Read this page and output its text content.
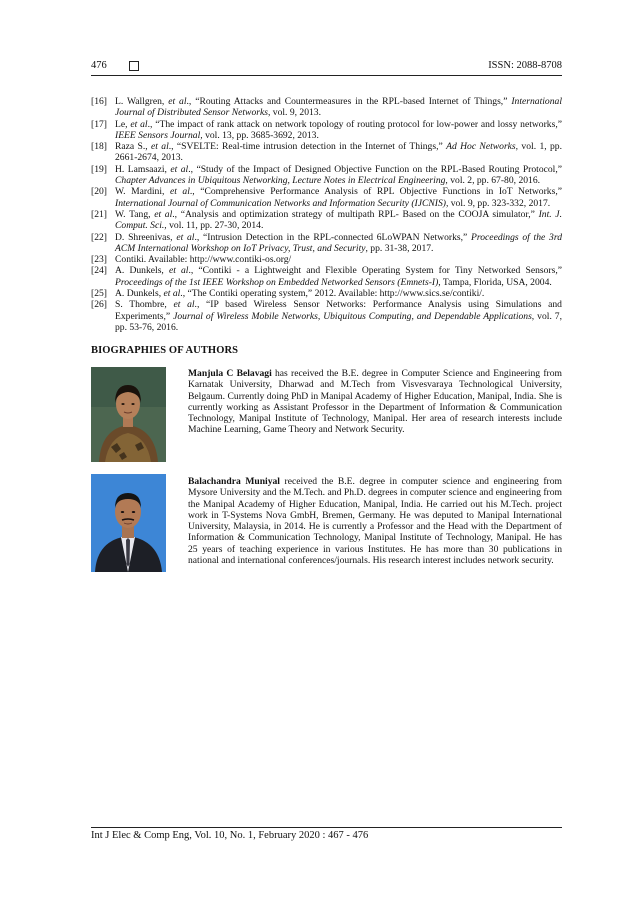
476	ISSN: 2088-8708
[16] L. Wallgren, et al., “Routing Attacks and Countermeasures in the RPL-based Internet of Things,” International Journal of Distributed Sensor Networks, vol. 9, 2013.
[17] Le, et al., “The impact of rank attack on network topology of routing protocol for low-power and lossy networks,” IEEE Sensors Journal, vol. 13, pp. 3685-3692, 2013.
[18] Raza S., et al., “SVELTE: Real-time intrusion detection in the Internet of Things,” Ad Hoc Networks, vol. 1, pp. 2661-2674, 2013.
[19] H. Lamsaazi, et al., “Study of the Impact of Designed Objective Function on the RPL-Based Routing Protocol,” Chapter Advances in Ubiquitous Networking, Lecture Notes in Electrical Engineering, vol. 2, pp. 67-80, 2016.
[20] W. Mardini, et al., “Comprehensive Performance Analysis of RPL Objective Functions in IoT Networks,” International Journal of Communication Networks and Information Security (IJCNIS), vol. 9, pp. 323-332, 2017.
[21] W. Tang, et al., “Analysis and optimization strategy of multipath RPL- Based on the COOJA simulator,” Int. J. Comput. Sci., vol. 11, pp. 27-30, 2014.
[22] D. Shreenivas, et al., “Intrusion Detection in the RPL-connected 6LoWPAN Networks,” Proceedings of the 3rd ACM International Workshop on IoT Privacy, Trust, and Security, pp. 31-38, 2017.
[23] Contiki. Available: http://www.contiki-os.org/
[24] A. Dunkels, et al., “Contiki - a Lightweight and Flexible Operating System for Tiny Networked Sensors,” Proceedings of the 1st IEEE Workshop on Embedded Networked Sensors (Emnets-I), Tampa, Florida, USA, 2004.
[25] A. Dunkels, et al., “The Contiki operating system,” 2012. Available: http://www.sics.se/contiki/.
[26] S. Thombre, et al., “IP based Wireless Sensor Networks: Performance Analysis using Simulations and Experiments,” Journal of Wireless Mobile Networks, Ubiquitous Computing, and Dependable Applications, vol. 7, pp. 53-76, 2016.
BIOGRAPHIES OF AUTHORS
Manjula C Belavagi has received the B.E. degree in Computer Science and Engineering from Karnatak University, Dharwad and M.Tech from Visvesvaraya Technological University, Belgaum. Currently doing PhD in Manipal Academy of Higher Education, Manipal, India. She is currently working as Assistant Professor in the Department of Information & Communication Technology, Manipal Institute of Technology, Manipal. Her area of research interests include Machine Learning, Game Theory and Network Security.
Balachandra Muniyal received the B.E. degree in computer science and engineering from Mysore University and the M.Tech. and Ph.D. degrees in computer science and engineering from the Manipal Academy of Higher Education, Manipal, India. He carried out his M.Tech. project work in T-Systems Nova GmbH, Bremen, Germany. He was deputed to Manipal International University, Malaysia, in 2014. He is currently a Professor and the Head with the Department of Information & Communication Technology, Manipal Institute of Technology, Manipal. He has 25 years of teaching experience in various Institutes. He has more than 30 publications in national and international conferences/journals. His research interest includes network security.
Int J Elec & Comp Eng, Vol. 10, No. 1, February 2020 : 467 - 476
